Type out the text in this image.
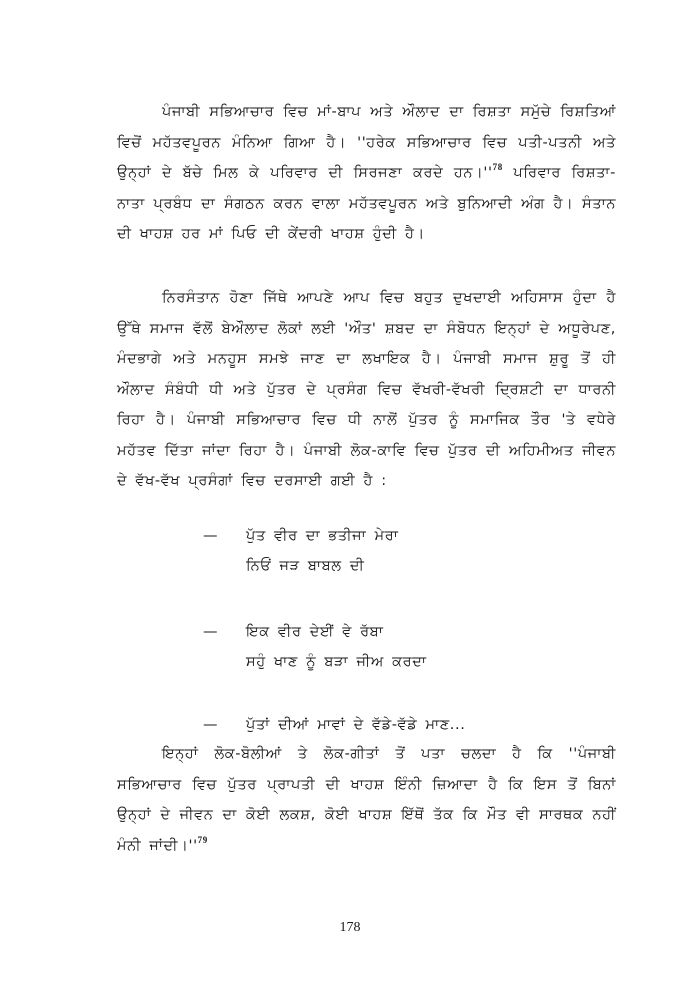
ਪੰਜਾਬੀ ਸਭਿਆਚਾਰ ਵਿਚ ਮਾਂ-ਬਾਪ ਅਤੇ ਔਲਾਦ ਦਾ ਰਿਸ਼ਤਾ ਸਮੁੱਚੇ ਰਿਸ਼ਤਿਆਂ ਵਿਚੋਂ ਮਹੱਤਵਪੂਰਨ ਮੰਨਿਆ ਗਿਆ ਹੈ। ''ਹਰੇਕ ਸਭਿਆਚਾਰ ਵਿਚ ਪਤੀ-ਪਤਨੀ ਅਤੇ ਉਨ੍ਹਾਂ ਦੇ ਬੱਚੇ ਮਿਲ ਕੇ ਪਰਿਵਾਰ ਦੀ ਸਿਰਜਣਾ ਕਰਦੇ $ਹਨ।''^{78}$ ਪਰਿਵਾਰ ਰਿਸ਼ਤਾ-ਨਾਤਾ ਪ੍ਰਬੰਧ ਦਾ ਸੰਗਠਨ ਕਰਨ ਵਾਲਾ ਮਹੱਤਵਪੂਰਨ ਅਤੇ ਬੁਨਿਆਦੀ ਅੰਗ ਹੈ। ਸੰਤਾਨ ਦੀ ਖਾਹਸ਼ ਹਰ ਮਾਂ ਪਿਓ ਦੀ ਕੇਂਦਰੀ ਖਾਹਸ਼ ਹੁੰਦੀ ਹੈ।

ਨਿਰਸੰਤਾਨ ਹੋਣਾ ਜਿੱਥੇ ਆਪਣੇ ਆਪ ਵਿਚ ਬਹੁਤ ਦੁਖਦਾਈ ਅਹਿਸਾਸ ਹੁੰਦਾ ਹੈ ਉੱਥੇ ਸਮਾਜ ਵੱਲੋਂ ਬੇਔਲਾਦ ਲੋਕਾਂ ਲਈ 'ਔਤ' ਸ਼ਬਦ ਦਾ ਸੰਬੋਧਨ ਇਨ੍ਹਾਂ ਦੇ ਅਧੂਰੇਪਣ, ਮੰਦਭਾਗੇ ਅਤੇ ਮਨਹੂਸ ਸਮਝੇ ਜਾਣ ਦਾ ਲਖਾਇਕ ਹੈ। ਪੰਜਾਬੀ ਸਮਾਜ ਸ਼ੁਰੂ ਤੋਂ ਹੀ ਔਲਾਦ ਸੰਬੰਧੀ ਧੀ ਅਤੇ ਪੁੱਤਰ ਦੇ ਪ੍ਰਸੰਗ ਵਿਚ ਵੱਖਰੀ-ਵੱਖਰੀ ਦ੍ਰਿਸ਼ਟੀ ਦਾ ਧਾਰਨੀ ਰਿਹਾ ਹੈ। ਪੰਜਾਬੀ ਸਭਿਆਚਾਰ ਵਿਚ ਧੀ ਨਾਲੋਂ ਪੁੱਤਰ ਨੂੰ ਸਮਾਜਿਕ ਤੌਰ 'ਤੇ ਵਧੇਰੇ ਮਹੱਤਵ ਦਿੱਤਾ ਜਾਂਦਾ ਰਿਹਾ ਹੈ। ਪੰਜਾਬੀ ਲੋਕ-ਕਾਵਿ ਵਿਚ ਪੁੱਤਰ ਦੀ ਅਹਿਮੀਅਤ ਜੀਵਨ ਦੇ ਵੱਖ-ਵੱਖ ਪ੍ਰਸੰਗਾਂ ਵਿਚ ਦਰਸਾਈ ਗਈ ਹੈ :

—	ਪੁੱਤ ਵੀਰ ਦਾ ਭਤੀਜਾ ਮੇਰਾ
ਨਿਓਂ ਜੜ ਬਾਬਲ ਦੀ
—	ਇਕ ਵੀਰ ਦੇਈਂ ਵੇ ਰੱਬਾ
ਸਹੁੰ ਖਾਣ ਨੂੰ ਬੜਾ ਜੀਅ ਕਰਦਾ
—	ਪੁੱਤਾਂ ਦੀਆਂ ਮਾਵਾਂ ਦੇ ਵੱਡੇ-ਵੱਡੇ ਮਾਣ...

ਇਨ੍ਹਾਂ ਲੋਕ-ਬੋਲੀਆਂ ਤੇ ਲੋਕ-ਗੀਤਾਂ ਤੋਂ ਪਤਾ ਚਲਦਾ ਹੈ ਕਿ ''ਪੰਜਾਬੀ ਸਭਿਆਚਾਰ ਵਿਚ ਪੁੱਤਰ ਪ੍ਰਾਪਤੀ ਦੀ ਖਾਹਸ਼ ਇੰਨੀ ਜ਼ਿਆਦਾ ਹੈ ਕਿ ਇਸ ਤੋਂ ਬਿਨਾਂ ਉਨ੍ਹਾਂ ਦੇ ਜੀਵਨ ਦਾ ਕੋਈ ਲਕਸ਼, ਕੋਈ ਖਾਹਸ਼ ਇੱਥੋਂ ਤੱਕ ਕਿ ਮੌਤ ਵੀ ਸਾਰਥਕ ਨਹੀਂ ਮੰਨੀ $ਜਾਂਦੀ।''^{79}$

178
